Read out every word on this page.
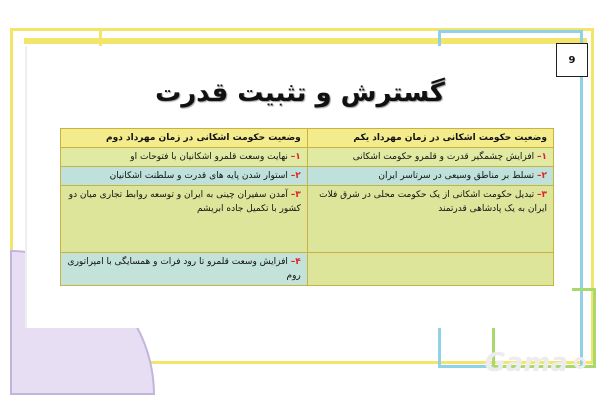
9
گسترش و تثبیت قدرت
وضعیت حکومت اشکانی در زمان مهرداد یکم	وضعیت حکومت اشکانی در زمان مهرداد دوم
۱– افزایش چشمگیر قدرت و قلمرو حکومت اشکانی	۱– نهایت وسعت قلمرو اشکانیان با فتوحات او
۲– تسلط بر مناطق وسیعی در سرتاسر ایران	۲– استوار شدن پایه های قدرت و سلطنت اشکانیان
۳– تبدیل حکومت اشکانی از یک حکومت محلی در شرق فلات ایران به یک پادشاهی قدرتمند	۳– آمدن سفیران چینی به ایران و توسعه روابط تجاری میان دو کشور با تکمیل جاده ابریشم
	۴– افزایش وسعت قلمرو تا رود فرات و همسایگی با امپراتوری روم
Gama
